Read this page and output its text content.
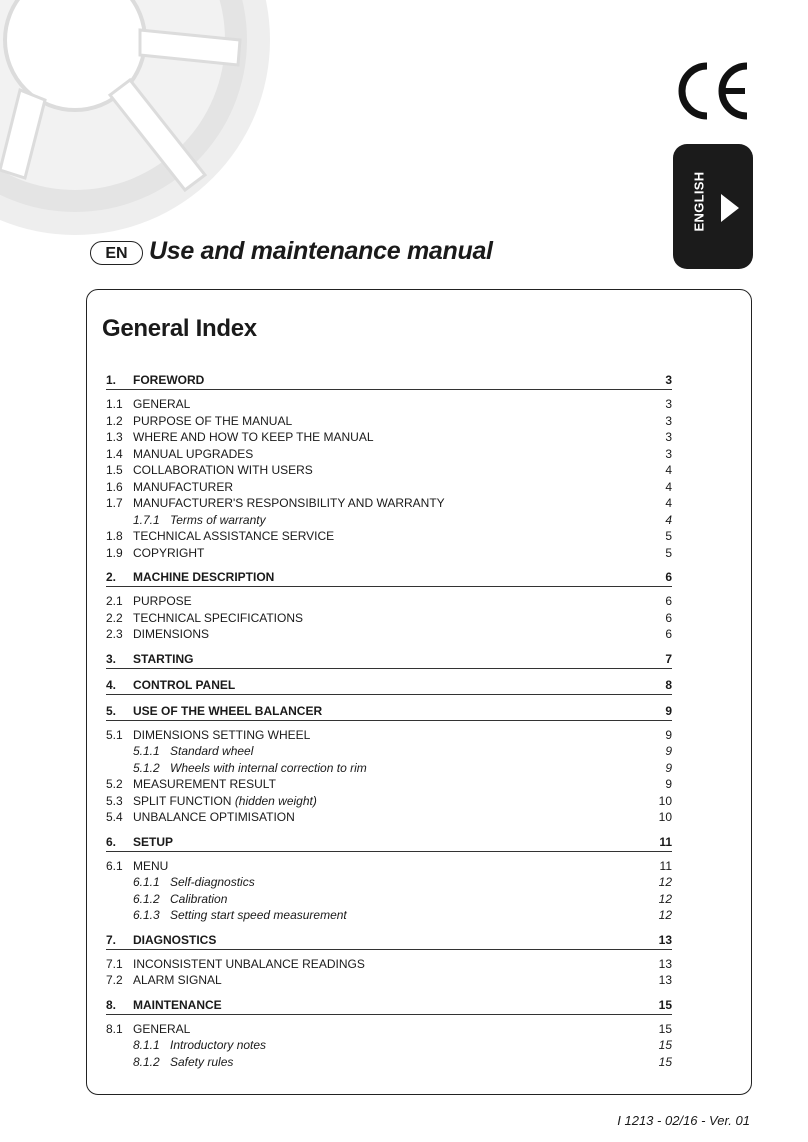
ENGLISH
EN Use and maintenance manual
General Index
1. FOREWORD	3
1.1 GENERAL	3
1.2 PURPOSE OF THE MANUAL	3
1.3 WHERE AND HOW TO KEEP THE MANUAL	3
1.4 MANUAL UPGRADES	3
1.5 COLLABORATION WITH USERS	4
1.6 MANUFACTURER	4
1.7 MANUFACTURER'S RESPONSIBILITY AND WARRANTY	4
1.7.1 Terms of warranty	4
1.8 TECHNICAL ASSISTANCE SERVICE	5
1.9 COPYRIGHT	5
2. MACHINE DESCRIPTION	6
2.1 PURPOSE	6
2.2 TECHNICAL SPECIFICATIONS	6
2.3 DIMENSIONS	6
3. STARTING	7
4. CONTROL PANEL	8
5. USE OF THE WHEEL BALANCER	9
5.1 DIMENSIONS SETTING WHEEL	9
5.1.1 Standard wheel	9
5.1.2 Wheels with internal correction to rim	9
5.2 MEASUREMENT RESULT	9
5.3 SPLIT FUNCTION (hidden weight)	10
5.4 UNBALANCE OPTIMISATION	10
6. SETUP	11
6.1 MENU	11
6.1.1 Self-diagnostics	12
6.1.2 Calibration	12
6.1.3 Setting start speed measurement	12
7. DIAGNOSTICS	13
7.1 INCONSISTENT UNBALANCE READINGS	13
7.2 ALARM SIGNAL	13
8. MAINTENANCE	15
8.1 GENERAL	15
8.1.1 Introductory notes	15
8.1.2 Safety rules	15
I 1213 - 02/16 - Ver. 01
